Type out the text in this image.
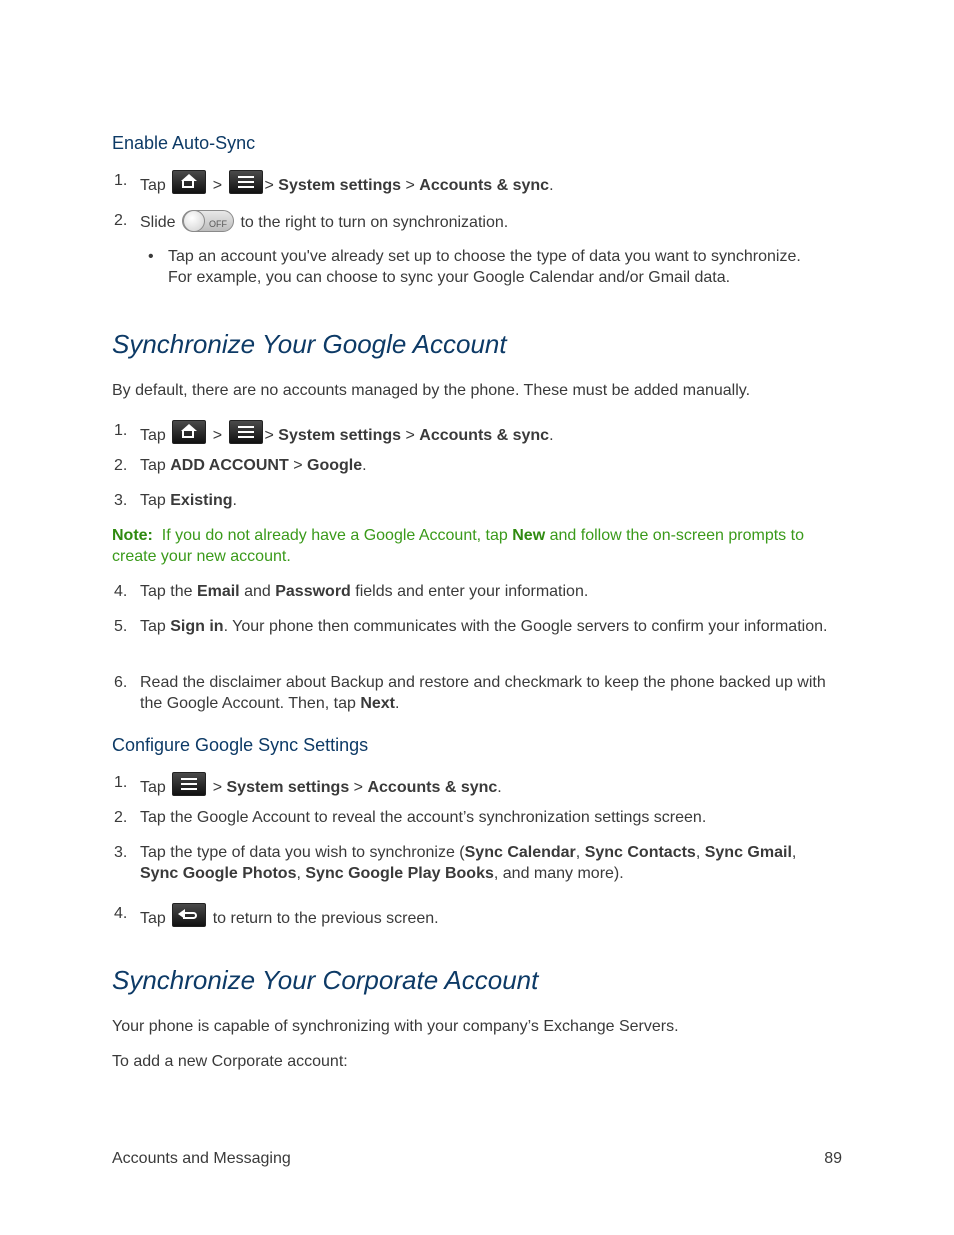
Enable Auto-Sync
1. Tap	>	> System settings > Accounts & sync.
2. Slide	OFF to the right to turn on synchronization.
• Tap an account you've already set up to choose the type of data you want to synchronize. For example, you can choose to sync your Google Calendar and/or Gmail data.
Synchronize Your Google Account
By default, there are no accounts managed by the phone. These must be added manually.
1. Tap	>	> System settings > Accounts & sync.
2. Tap ADD ACCOUNT > Google.
3. Tap Existing.
Note: If you do not already have a Google Account, tap New and follow the on-screen prompts to create your new account.
4. Tap the Email and Password fields and enter your information.
5. Tap Sign in. Your phone then communicates with the Google servers to confirm your information.
6. Read the disclaimer about Backup and restore and checkmark to keep the phone backed up with the Google Account. Then, tap Next.
Configure Google Sync Settings
1. Tap	> System settings > Accounts & sync.
2. Tap the Google Account to reveal the account’s synchronization settings screen.
3. Tap the type of data you wish to synchronize (Sync Calendar, Sync Contacts, Sync Gmail, Sync Google Photos, Sync Google Play Books, and many more).
4. Tap	to return to the previous screen.
Synchronize Your Corporate Account
Your phone is capable of synchronizing with your company’s Exchange Servers.
To add a new Corporate account:
Accounts and Messaging	89
